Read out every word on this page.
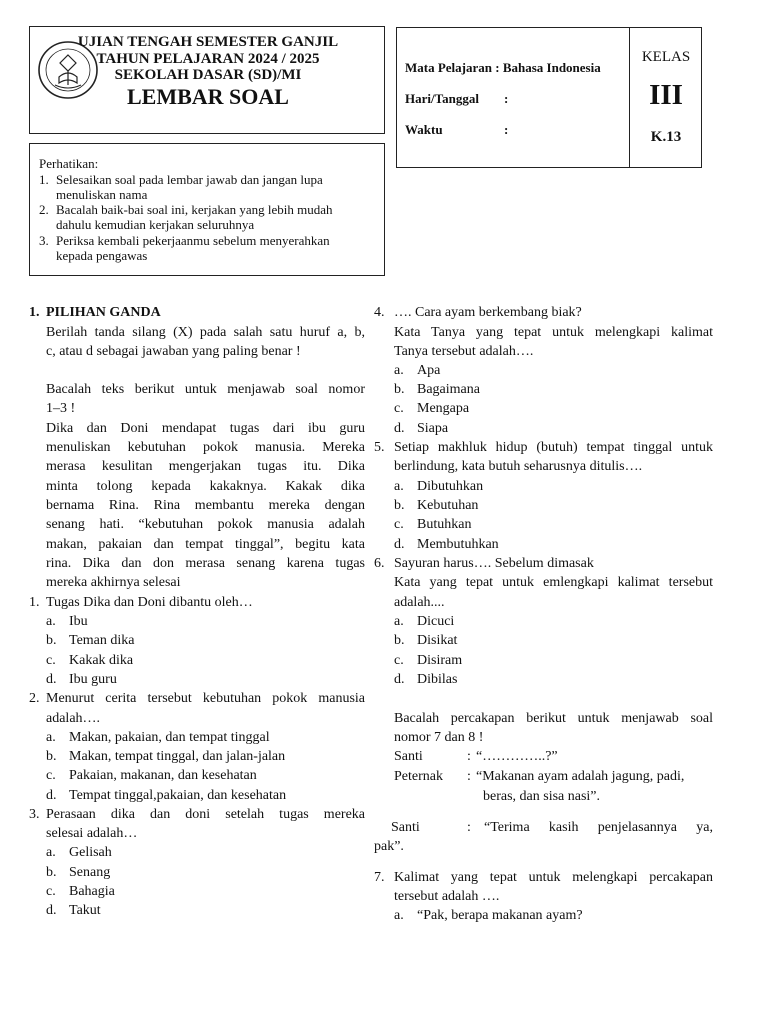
UJIAN TENGAH SEMESTER GANJIL
TAHUN PELAJARAN 2024 / 2025
SEKOLAH DASAR (SD)/MI
LEMBAR SOAL
Mata Pelajaran : Bahasa Indonesia
Hari/Tanggal :
Waktu	:
KELAS
III
K.13
Perhatikan:
1. Selesaikan soal pada lembar jawab dan jangan lupa
menuliskan nama
2. Bacalah baik-bai soal ini, kerjakan yang lebih mudah
dahulu kemudian kerjakan seluruhnya
3. Periksa kembali pekerjaanmu sebelum menyerahkan
kepada pengawas
1. PILIHAN GANDA
Berilah tanda silang (X) pada salah satu huruf a, b,
c, atau d sebagai jawaban yang paling benar !
Bacalah teks berikut untuk menjawab soal nomor
1–3 !
Dika dan Doni mendapat tugas dari ibu guru
menuliskan kebutuhan pokok manusia. Mereka
merasa kesulitan mengerjakan tugas itu. Dika
minta tolong kepada kakaknya. Kakak dika
bernama Rina. Rina membantu mereka dengan
senang hati. “kebutuhan pokok manusia adalah
makan, pakaian dan tempat tinggal”, begitu kata
rina. Dika dan don merasa senang karena tugas
mereka akhirnya selesai
1. Tugas Dika dan Doni dibantu oleh…
a. Ibu
b. Teman dika
c. Kakak dika
d. Ibu guru
2. Menurut cerita tersebut kebutuhan pokok manusia
adalah….
a. Makan, pakaian, dan tempat tinggal
b. Makan, tempat tinggal, dan jalan-jalan
c. Pakaian, makanan, dan kesehatan
d. Tempat tinggal,pakaian, dan kesehatan
3. Perasaan dika dan doni setelah tugas mereka
selesai adalah…
a. Gelisah
b. Senang
c. Bahagia
d. Takut
4. …. Cara ayam berkembang biak?
Kata Tanya yang tepat untuk melengkapi kalimat
Tanya tersebut adalah….
a. Apa
b. Bagaimana
c. Mengapa
d. Siapa
5. Setiap makhluk hidup (butuh) tempat tinggal untuk
berlindung, kata butuh seharusnya ditulis….
a. Dibutuhkan
b. Kebutuhan
c. Butuhkan
d. Membutuhkan
6. Sayuran harus…. Sebelum dimasak
Kata yang tepat untuk emlengkapi kalimat tersebut
adalah....
a. Dicuci
b. Disikat
c. Disiram
d. Dibilas
Bacalah percakapan berikut untuk menjawab soal
nomor 7 dan 8 !
Santi	: “…………..?”
Peternak : “Makanan ayam adalah jagung, padi,
beras, dan sisa nasi”.
Santi	: “Terima kasih penjelasannya ya,
pak”.
7. Kalimat yang tepat untuk melengkapi percakapan
tersebut adalah ….
a. “Pak, berapa makanan ayam?
